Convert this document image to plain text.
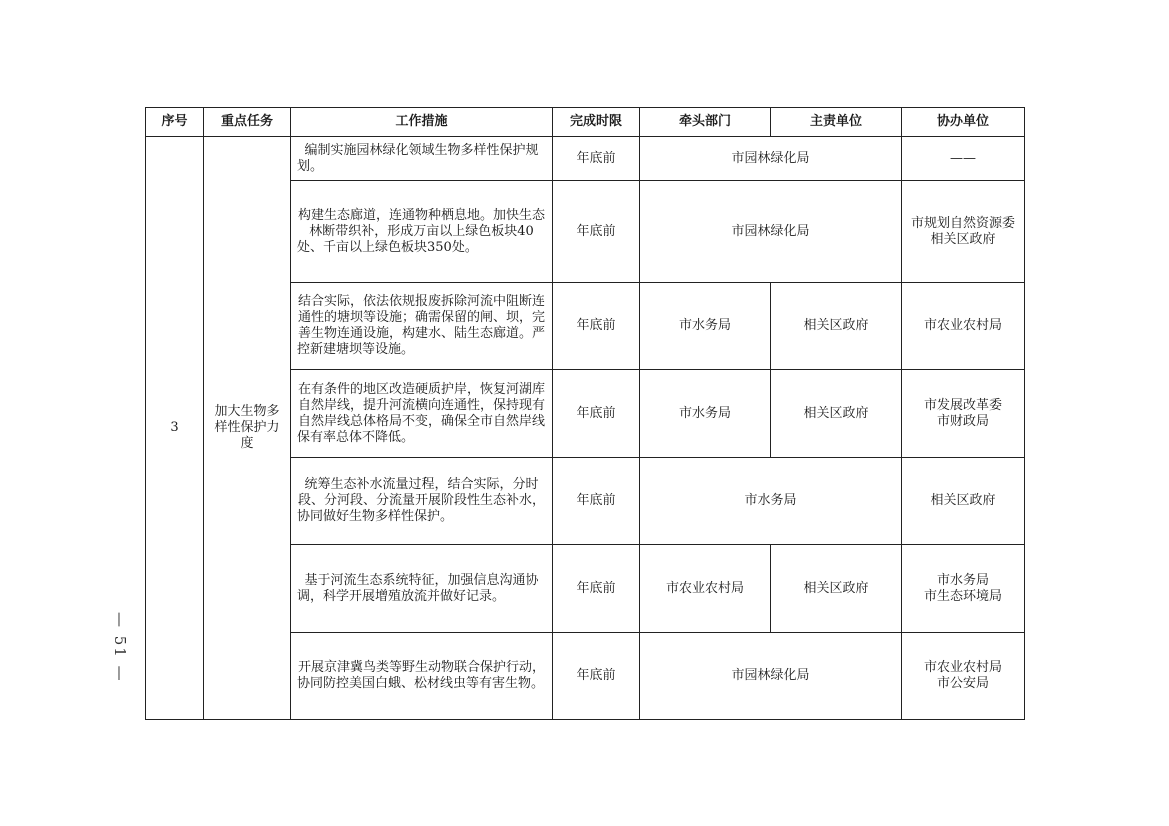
序号	重点任务	工作措施	完成时限	牵头部门	主责单位	协办单位
3	加大生物多样性保护力度	编制实施园林绿化领域生物多样性保护规划。	年底前	市园林绿化局		——
		构建生态廊道，连通物种栖息地。加快生态林断带织补，形成万亩以上绿色板块40处、千亩以上绿色板块350处。	年底前	市园林绿化局		市规划自然资源委
相关区政府
		结合实际，依法依规报废拆除河流中阻断连通性的塘坝等设施；确需保留的闸、坝，完善生物连通设施，构建水、陆生态廊道。严控新建塘坝等设施。	年底前	市水务局	相关区政府	市农业农村局
		在有条件的地区改造硬质护岸，恢复河湖库自然岸线，提升河流横向连通性，保持现有自然岸线总体格局不变，确保全市自然岸线保有率总体不降低。	年底前	市水务局	相关区政府	市发展改革委
市财政局
		统筹生态补水流量过程，结合实际，分时段、分河段、分流量开展阶段性生态补水，协同做好生物多样性保护。	年底前	市水务局		相关区政府
		基于河流生态系统特征，加强信息沟通协调，科学开展增殖放流并做好记录。	年底前	市农业农村局	相关区政府	市水务局
市生态环境局
		开展京津冀鸟类等野生动物联合保护行动，协同防控美国白蛾、松材线虫等有害生物。	年底前	市园林绿化局		市农业农村局
市公安局
— 51 —
